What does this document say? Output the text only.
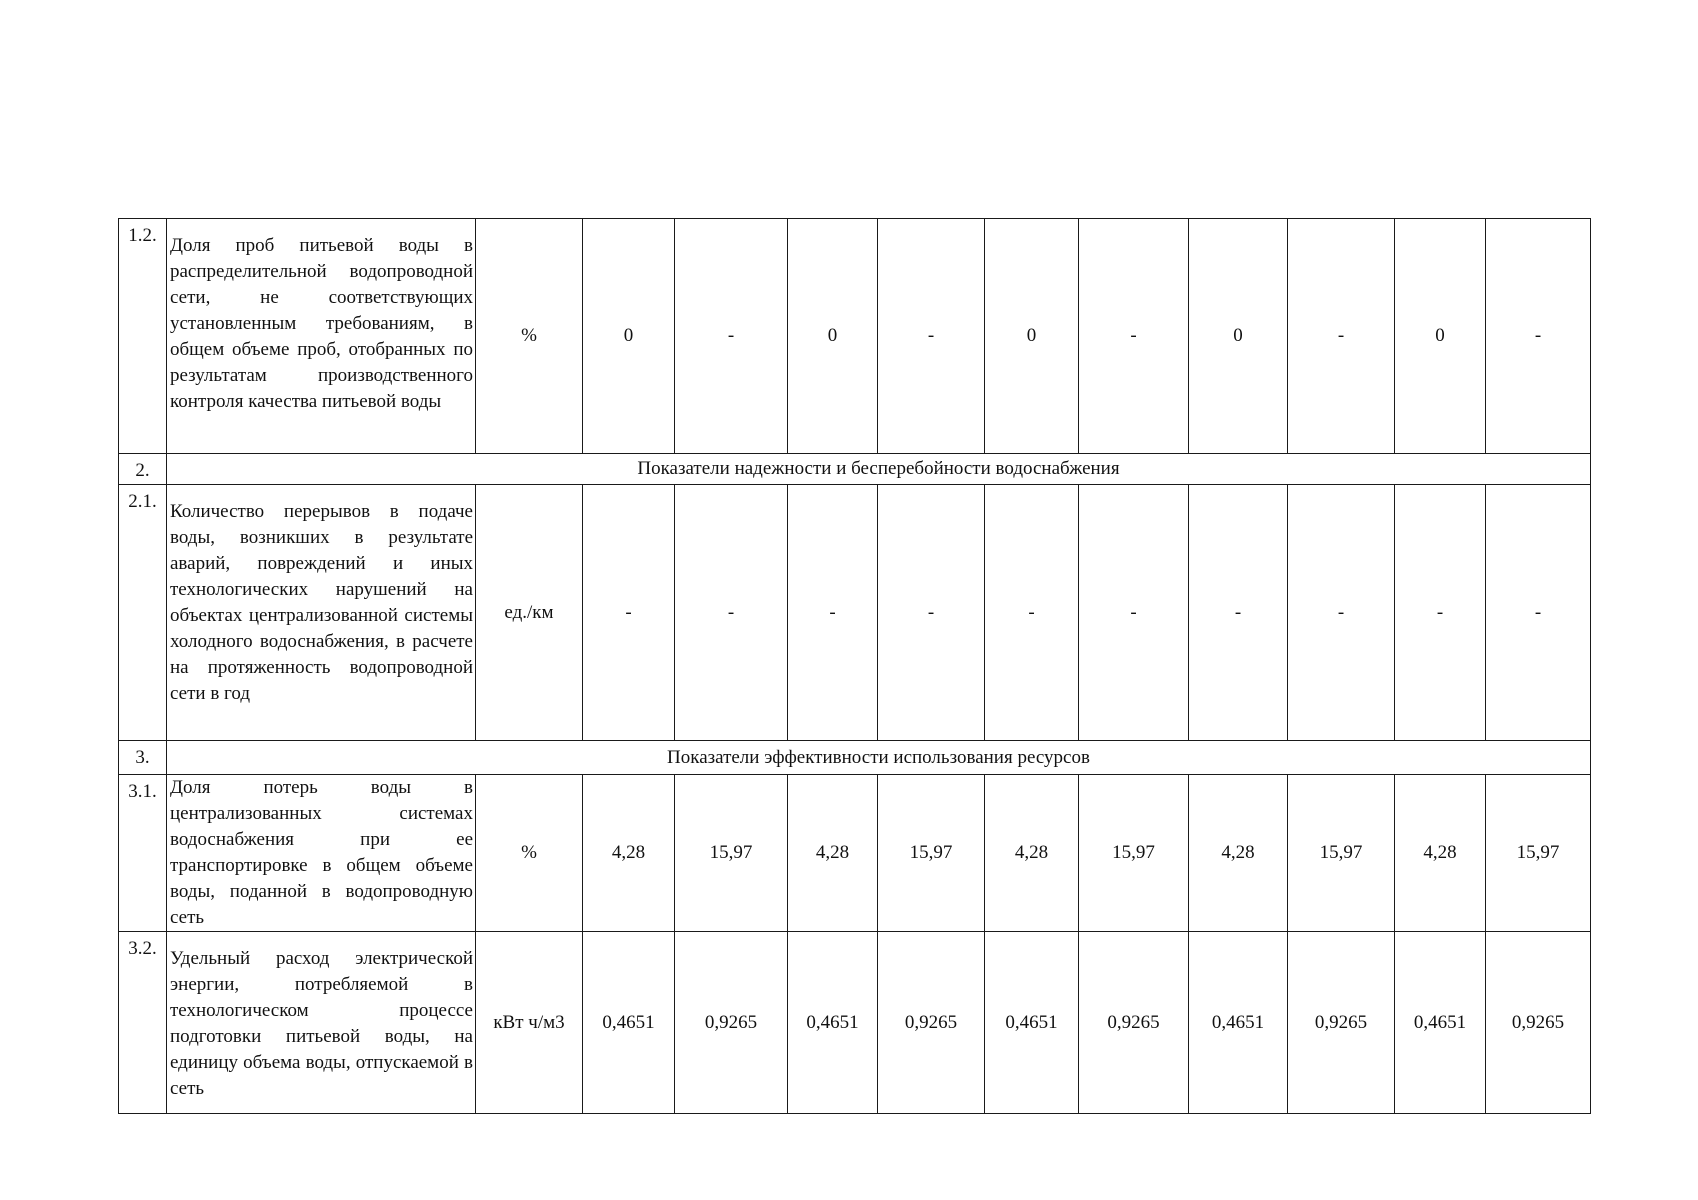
1.2.	Доля проб питьевой воды в распределительной водопроводной сети, не соответствующих установленным требованиям, в общем объеме проб, отобранных по результатам производственного контроля качества питьевой воды	%	0	-	0	-	0	-	0	-	0	-
2.	Показатели надежности и бесперебойности водоснабжения											
2.1.	Количество перерывов в подаче воды, возникших в результате аварий, повреждений и иных технологических нарушений на объектах централизованной системы холодного водоснабжения, в расчете на протяженность водопроводной сети в год	ед./км	-	-	-	-	-	-	-	-	-	-
3.	Показатели эффективности использования ресурсов											
3.1.	Доля потерь воды в централизованных системах водоснабжения при ее транспортировке в общем объеме воды, поданной в водопроводную сеть	%	4,28	15,97	4,28	15,97	4,28	15,97	4,28	15,97	4,28	15,97
3.2.	Удельный расход электрической энергии, потребляемой в технологическом процессе подготовки питьевой воды, на единицу объема воды, отпускаемой в сеть	кВт ч/м3	0,4651	0,9265	0,4651	0,9265	0,4651	0,9265	0,4651	0,9265	0,4651	0,9265
